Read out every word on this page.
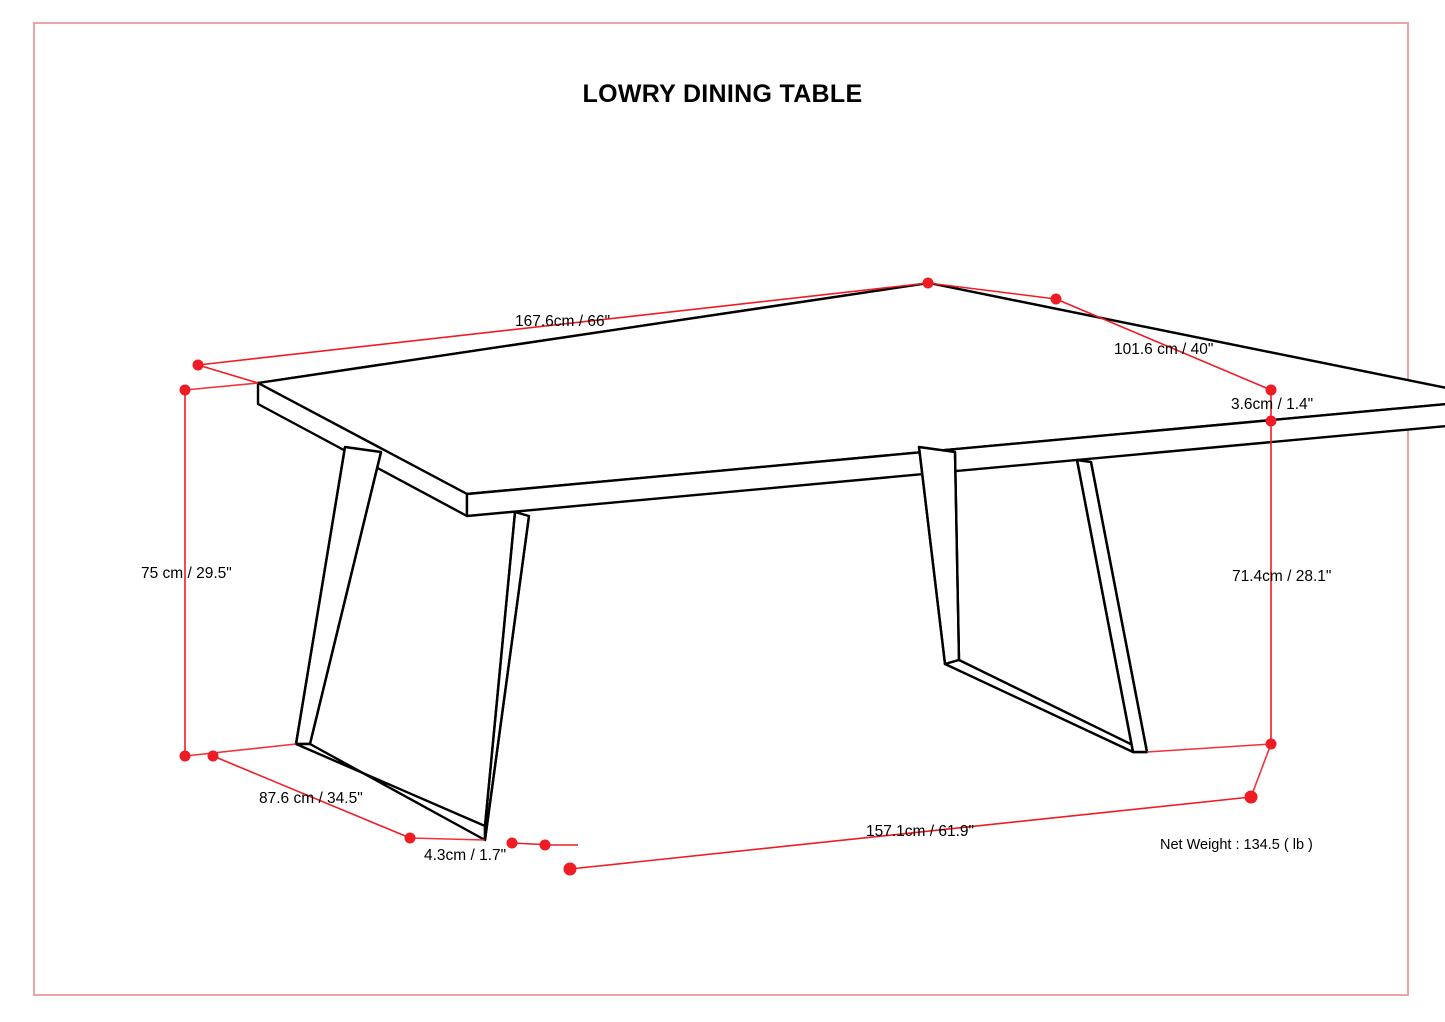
LOWRY DINING TABLE
167.6cm / 66"
101.6 cm / 40"
3.6cm / 1.4"
75 cm / 29.5"	71.4cm / 28.1"
87.6 cm / 34.5"
4.3cm / 1.7"
157.1cm / 61.9"
Net Weight : 134.5 ( lb )
